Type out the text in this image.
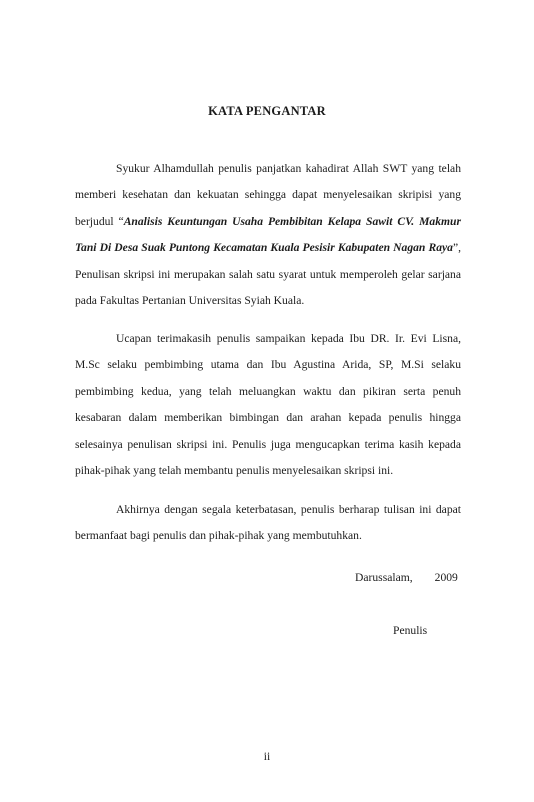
KATA PENGANTAR

Syukur Alhamdullah penulis panjatkan kahadirat Allah SWT yang telah memberi kesehatan dan kekuatan sehingga dapat menyelesaikan skripisi yang berjudul “Analisis Keuntungan Usaha Pembibitan Kelapa Sawit CV. Makmur Tani Di Desa Suak Puntong Kecamatan Kuala Pesisir Kabupaten Nagan Raya”, Penulisan skripsi ini merupakan salah satu syarat untuk memperoleh gelar sarjana pada Fakultas Pertanian Universitas Syiah Kuala.

Ucapan terimakasih penulis sampaikan kepada Ibu DR. Ir. Evi Lisna, M.Sc selaku pembimbing utama dan Ibu Agustina Arida, SP, M.Si selaku pembimbing kedua, yang telah meluangkan waktu dan pikiran serta penuh kesabaran dalam memberikan bimbingan dan arahan kepada penulis hingga selesainya penulisan skripsi ini. Penulis juga mengucapkan terima kasih kepada pihak-pihak yang telah membantu penulis menyelesaikan skripsi ini.

Akhirnya dengan segala keterbatasan, penulis berharap tulisan ini dapat bermanfaat bagi penulis dan pihak-pihak yang membutuhkan.

Darussalam, 2009
Penulis
ii
